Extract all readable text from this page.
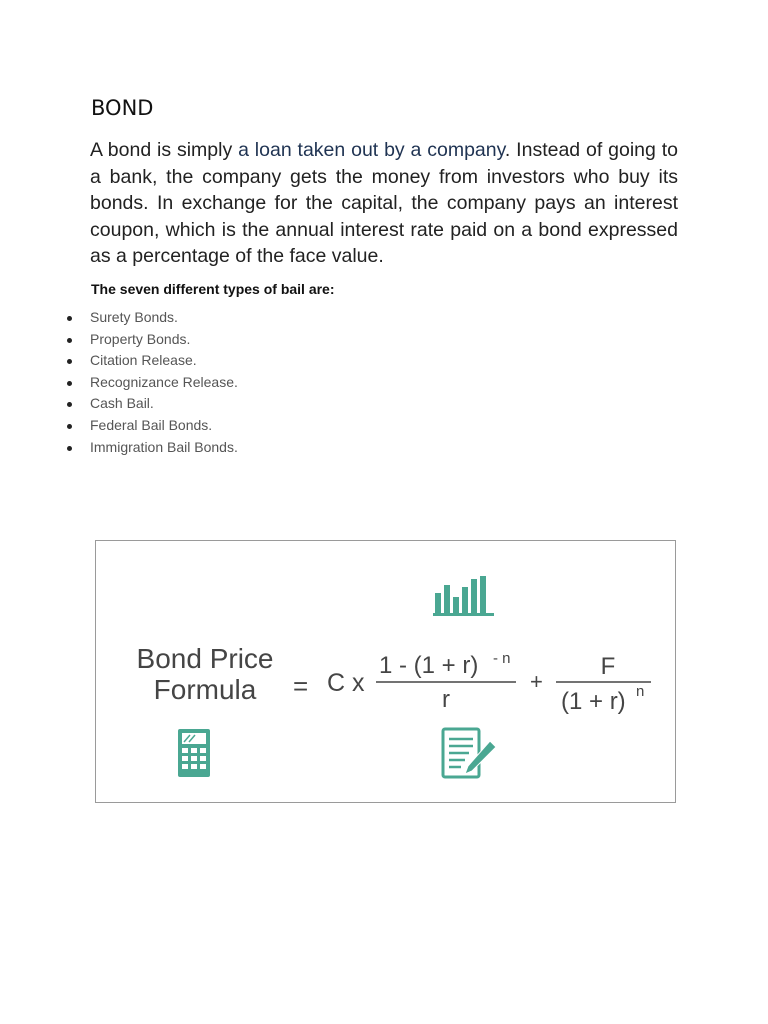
BOND

A bond is simply a loan taken out by a company. Instead of going to a bank, the company gets the money from investors who buy its bonds. In exchange for the capital, the company pays an interest coupon, which is the annual interest rate paid on a bond expressed as a percentage of the face value.

The seven different types of bail are:

Surety Bonds.
Property Bonds.
Citation Release.
Recognizance Release.
Cash Bail.
Federal Bail Bonds.
Immigration Bail Bonds.
Bond Price
Formula = C x
1 - (1 + r) - n
r
+
F
(1 + r) n
